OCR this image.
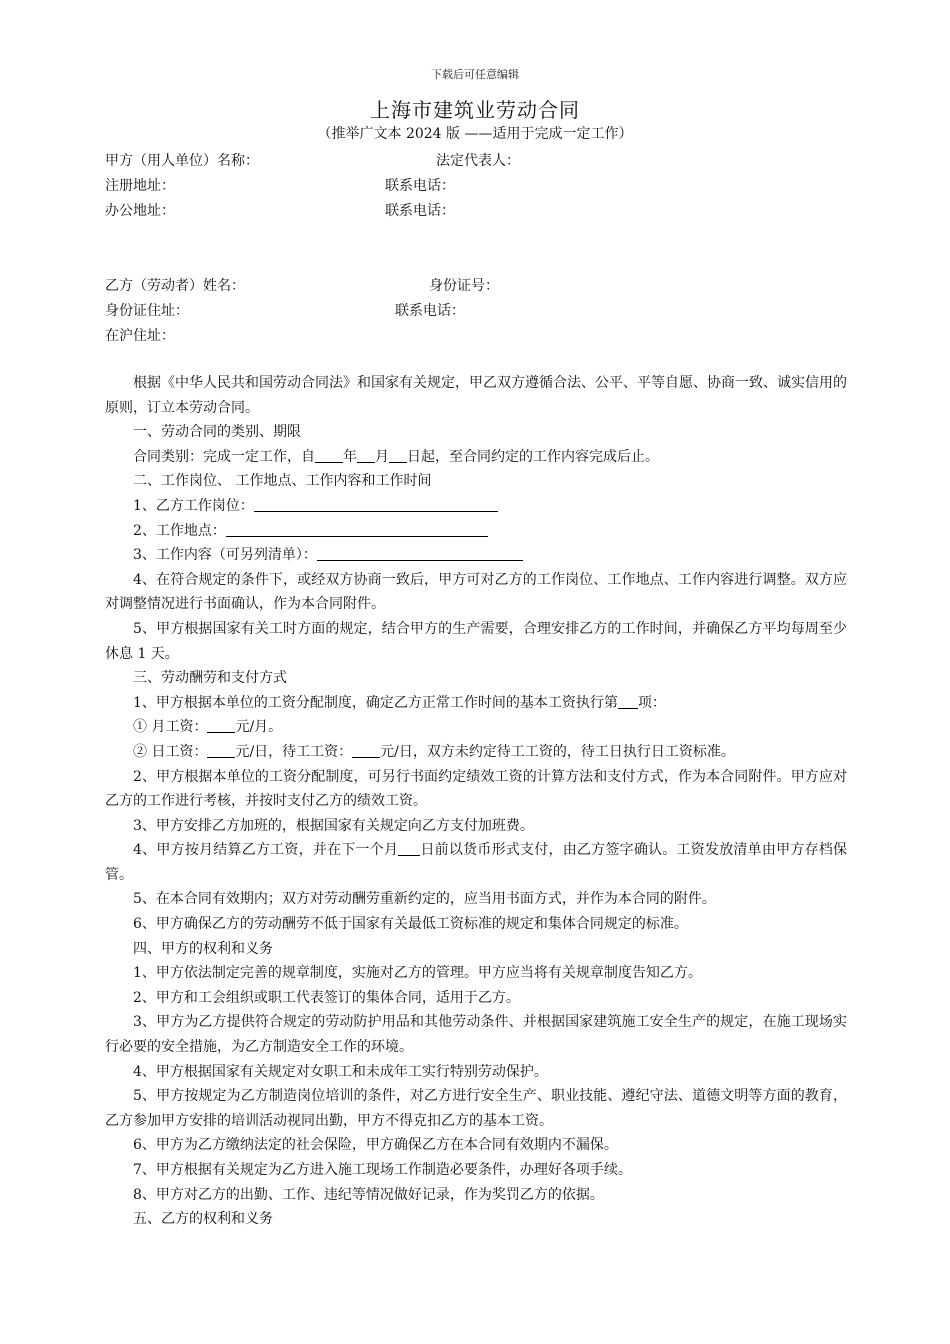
下载后可任意编辑
上海市建筑业劳动合同
（推举广文本 2024 版 ——适用于完成一定工作）
甲方（用人单位）名称：	法定代表人：
注册地址：	联系电话：
办公地址：	联系电话：
乙方（劳动者）姓名：	身份证号：
身份证住址：	联系电话：
在沪住址：

根据《中华人民共和国劳动合同法》和国家有关规定，甲乙双方遵循合法、公平、平等自愿、协商一致、诚实信用的原则，订立本劳动合同。

一、劳动合同的类别、期限

合同类别：完成一定工作，自 年 月 日起，至合同约定的工作内容完成后止。

二、工作岗位、 工作地点、工作内容和工作时间

1、乙方工作岗位：

2、工作地点：

3、工作内容（可另列清单）：

4、在符合规定的条件下，或经双方协商一致后，甲方可对乙方的工作岗位、工作地点、工作内容进行调整。双方应对调整情况进行书面确认，作为本合同附件。

5、甲方根据国家有关工时方面的规定，结合甲方的生产需要，合理安排乙方的工作时间，并确保乙方平均每周至少休息 1 天。

三、劳动酬劳和支付方式

1、甲方根据本单位的工资分配制度，确定乙方正常工作时间的基本工资执行第 项：

① 月工资： 元/月。

② 日工资： 元/日，待工工资： 元/日，双方未约定待工工资的，待工日执行日工资标准。

2、甲方根据本单位的工资分配制度，可另行书面约定绩效工资的计算方法和支付方式，作为本合同附件。甲方应对乙方的工作进行考核，并按时支付乙方的绩效工资。

3、甲方安排乙方加班的，根据国家有关规定向乙方支付加班费。

4、甲方按月结算乙方工资，并在下一个月 日前以货币形式支付，由乙方签字确认。工资发放清单由甲方存档保管。

5、在本合同有效期内；双方对劳动酬劳重新约定的，应当用书面方式，并作为本合同的附件。

6、甲方确保乙方的劳动酬劳不低于国家有关最低工资标准的规定和集体合同规定的标准。

四、甲方的权利和义务

1、甲方依法制定完善的规章制度，实施对乙方的管理。甲方应当将有关规章制度告知乙方。

2、甲方和工会组织或职工代表签订的集体合同，适用于乙方。

3、甲方为乙方提供符合规定的劳动防护用品和其他劳动条件、并根据国家建筑施工安全生产的规定，在施工现场实行必要的安全措施，为乙方制造安全工作的环境。

4、甲方根据国家有关规定对女职工和未成年工实行特别劳动保护。

5、甲方按规定为乙方制造岗位培训的条件，对乙方进行安全生产、职业技能、遵纪守法、道德文明等方面的教育，乙方参加甲方安排的培训活动视同出勤，甲方不得克扣乙方的基本工资。

6、甲方为乙方缴纳法定的社会保险，甲方确保乙方在本合同有效期内不漏保。

7、甲方根据有关规定为乙方进入施工现场工作制造必要条件，办理好各项手续。

8、甲方对乙方的出勤、工作、违纪等情况做好记录，作为奖罚乙方的依据。

五、乙方的权利和义务
